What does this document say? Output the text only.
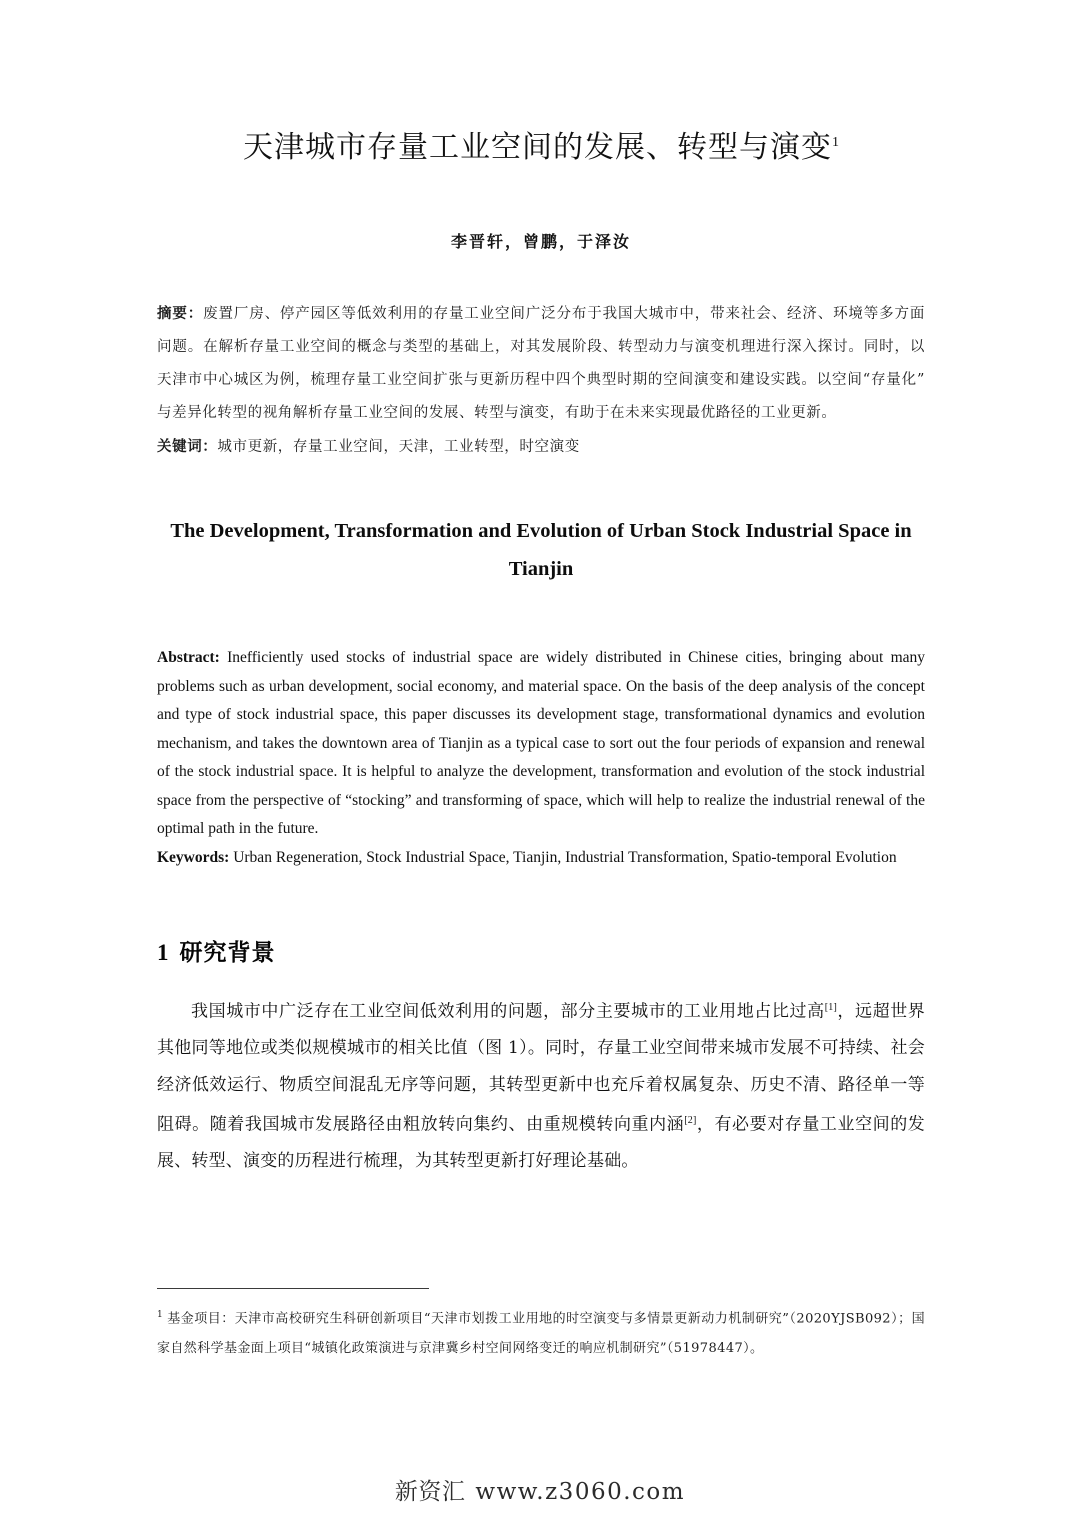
天津城市存量工业空间的发展、转型与演变$^1$
李晋轩，曾鹏，于泽汝
摘要：废置厂房、停产园区等低效利用的存量工业空间广泛分布于我国大城市中，带来社会、经济、环境等多方面问题。在解析存量工业空间的概念与类型的基础上，对其发展阶段、转型动力与演变机理进行深入探讨。同时，以天津市中心城区为例，梳理存量工业空间扩张与更新历程中四个典型时期的空间演变和建设实践。以空间“存量化”与差异化转型的视角解析存量工业空间的发展、转型与演变，有助于在未来实现最优路径的工业更新。
关键词：城市更新，存量工业空间，天津，工业转型，时空演变
The Development, Transformation and Evolution of Urban Stock Industrial Space in Tianjin
Abstract: Inefficiently used stocks of industrial space are widely distributed in Chinese cities, bringing about many problems such as urban development, social economy, and material space. On the basis of the deep analysis of the concept and type of stock industrial space, this paper discusses its development stage, transformational dynamics and evolution mechanism, and takes the downtown area of Tianjin as a typical case to sort out the four periods of expansion and renewal of the stock industrial space. It is helpful to analyze the development, transformation and evolution of the stock industrial space from the perspective of “stocking” and transforming of space, which will help to realize the industrial renewal of the optimal path in the future.
Keywords: Urban Regeneration, Stock Industrial Space, Tianjin, Industrial Transformation, Spatio-temporal Evolution
1 研究背景

我国城市中广泛存在工业空间低效利用的问题，部分主要城市的工业用地占比过高[1]，远超世界其他同等地位或类似规模城市的相关比值（图 1）。同时，存量工业空间带来城市发展不可持续、社会经济低效运行、物质空间混乱无序等问题，其转型更新中也充斥着权属复杂、历史不清、路径单一等阻碍。随着我国城市发展路径由粗放转向集约、由重规模转向重内涵[2]，有必要对存量工业空间的发展、转型、演变的历程进行梳理，为其转型更新打好理论基础。

$^1$ 基金项目：天津市高校研究生科研创新项目“天津市划拨工业用地的时空演变与多情景更新动力机制研究”（2020YJSB092）；国家自然科学基金面上项目“城镇化政策演进与京津冀乡村空间网络变迁的响应机制研究”（51978447）。
新资汇 www.z3060.com
